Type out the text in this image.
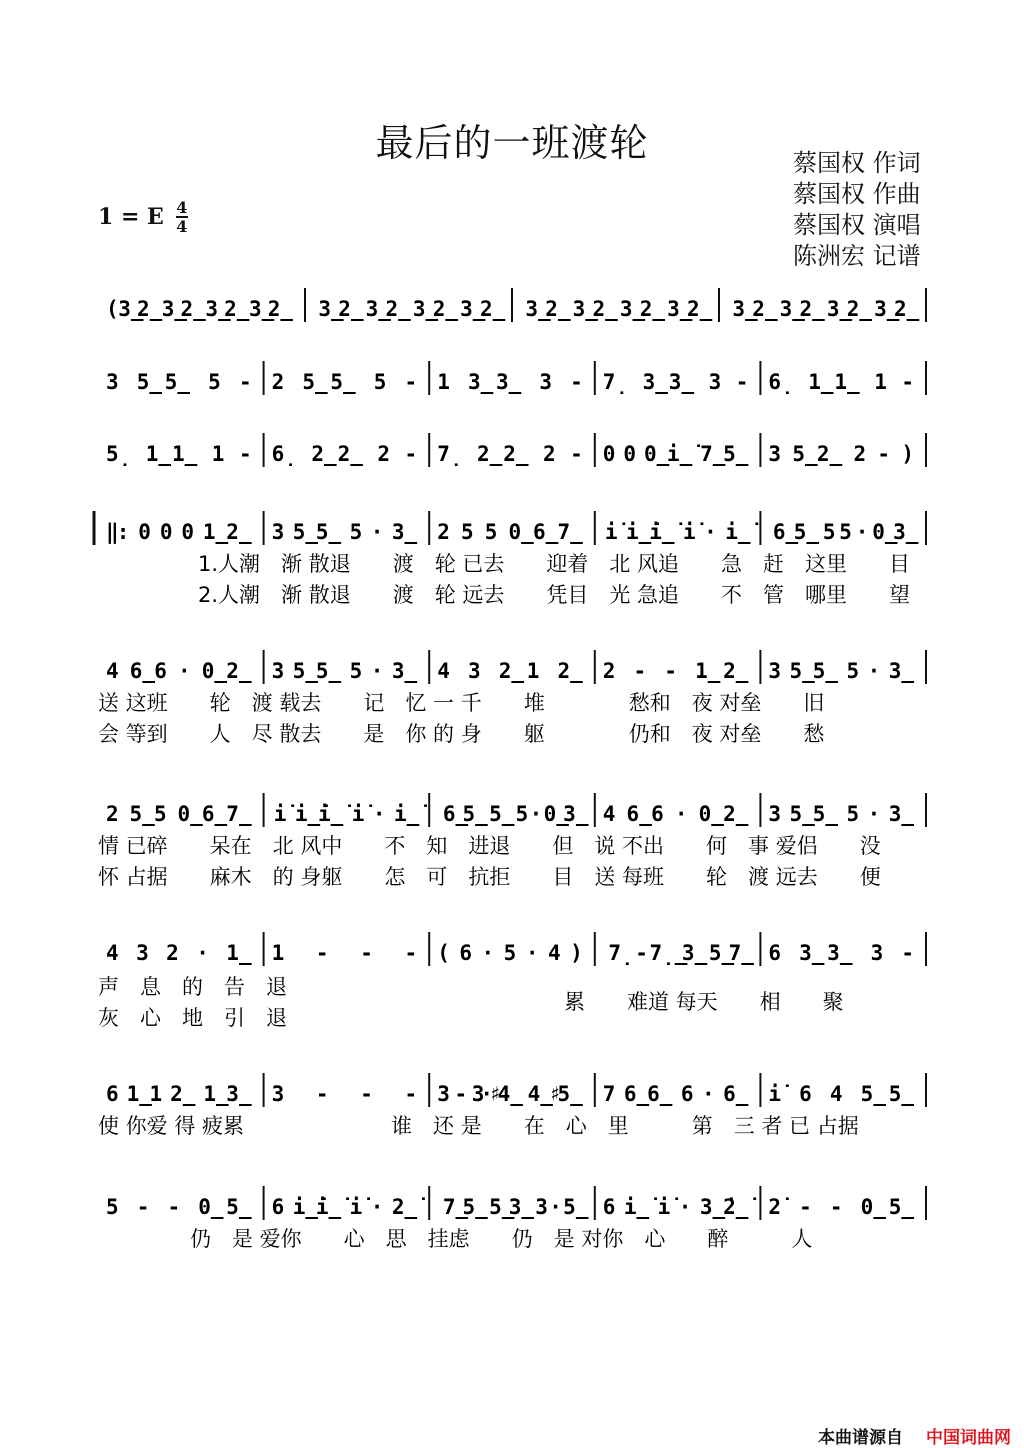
最后的一班渡轮	蔡国权 作词
蔡国权 作曲
蔡国权 演唱
陈洲宏 记谱
1 = E 4
4
( 3̲2̲ 3̲2̲ 3̲2̲ 3̲2̲ 3̲2̲ 3̲2̲ 3̲2̲ 3̲2̲ 3̲2̲ 3̲2̲ 3̲2̲ 3̲2̲ 3̲2̲ 3̲2̲ 3̲2̲ 3̲2̲
3 5̲5̲ 5 - 2 5̲5̲ 5 - 1 3̲3̲ 3 - 7̣ 3̲3̲ 3 - 6̣ 1̲1̲ 1 -
5̣ 1̲1̲ 1 - 6̣ 2̲2̲ 2 - 7̣ 2̲2̲ 2 - 0 0 0̲i̲̇ 7̲5̲ 3 5̲2̲ 2 - )
‖: 0 0 0 1̲2̲ 3 5̲5̲ 5 · 3̲ 2 5 5 0̲6̲7̲ i̇ i̲̇i̲̇ i̇ · i̲̇	6̲5̲ 5 5 · 0̲3̲
1.人潮　渐 散退　　渡　轮 已去　　迎着　北 风追　　急　赶　这里　　目
2.人潮　渐 散退　　渡　轮 远去　　凭目　光 急追　　不　管　哪里　　望
4 6̲6 · 0̲2̲ 3 5̲5̲ 5 · 3̲ 4 3 2̲1 2̲ 2 - - 1̲2̲ 3 5̲5̲ 5 · 3̲
送 这班　　轮　渡 载去　　记　忆 一 千　　堆　　　　愁和　夜 对垒　　旧
会 等到　　人　尽 散去　　是　你 的 身　　躯　　　　仍和　夜 对垒　　愁
2 5̲5 0̲6̲7̲ i̇ i̲̇i̲̇ i̇ · i̲̇	6̲5̲ 5̲ 5 · 0̲3̲ 4 6̲6 · 0̲2̲ 3 5̲5̲ 5 · 3̲
情 已碎　　呆在　北 风中　　不　知　进退　　但　说 不出　　何　事 爱侣　　没
怀 占据　　麻木　的 身躯　　怎　可　抗拒　　目　送 每班　　轮　渡 远去　　便
4 3 2 · 1̲ 1 - - - ( 6 · 5 · 4 ) 7̣ - 7̣̲3̲ 5̲7̲ 6 3̲3̲ 3 -
声　息　的　告　退
灰　心　地　引　退
累　　难道 每天　　相　　聚
6 1̲1 2̲ 1̲3̲ 3 - - - 3 - 3·♯4̲ 4̲♯5̲ 7 6̲6̲ 6 · 6̲ i̇ 6 4 5̲5̲
使 你爱 得 疲累　　　　　　　谁　还 是　　在　心　里　　　第　三 者 已 占据
5 - - 0̲5̲ 6 i̲̇i̲̇ i̇ · 2̲̇	7̲5̲ 5̲3̲ 3 · 5̲ 6 i̲̇ i̇ · 3̲̇2̲̇ 2̇ - - 0̲5̲
仍　是 爱你　　心　思　挂虑　　仍　是 对你　心　　醉　　　人
本曲谱源自 中国词曲网
